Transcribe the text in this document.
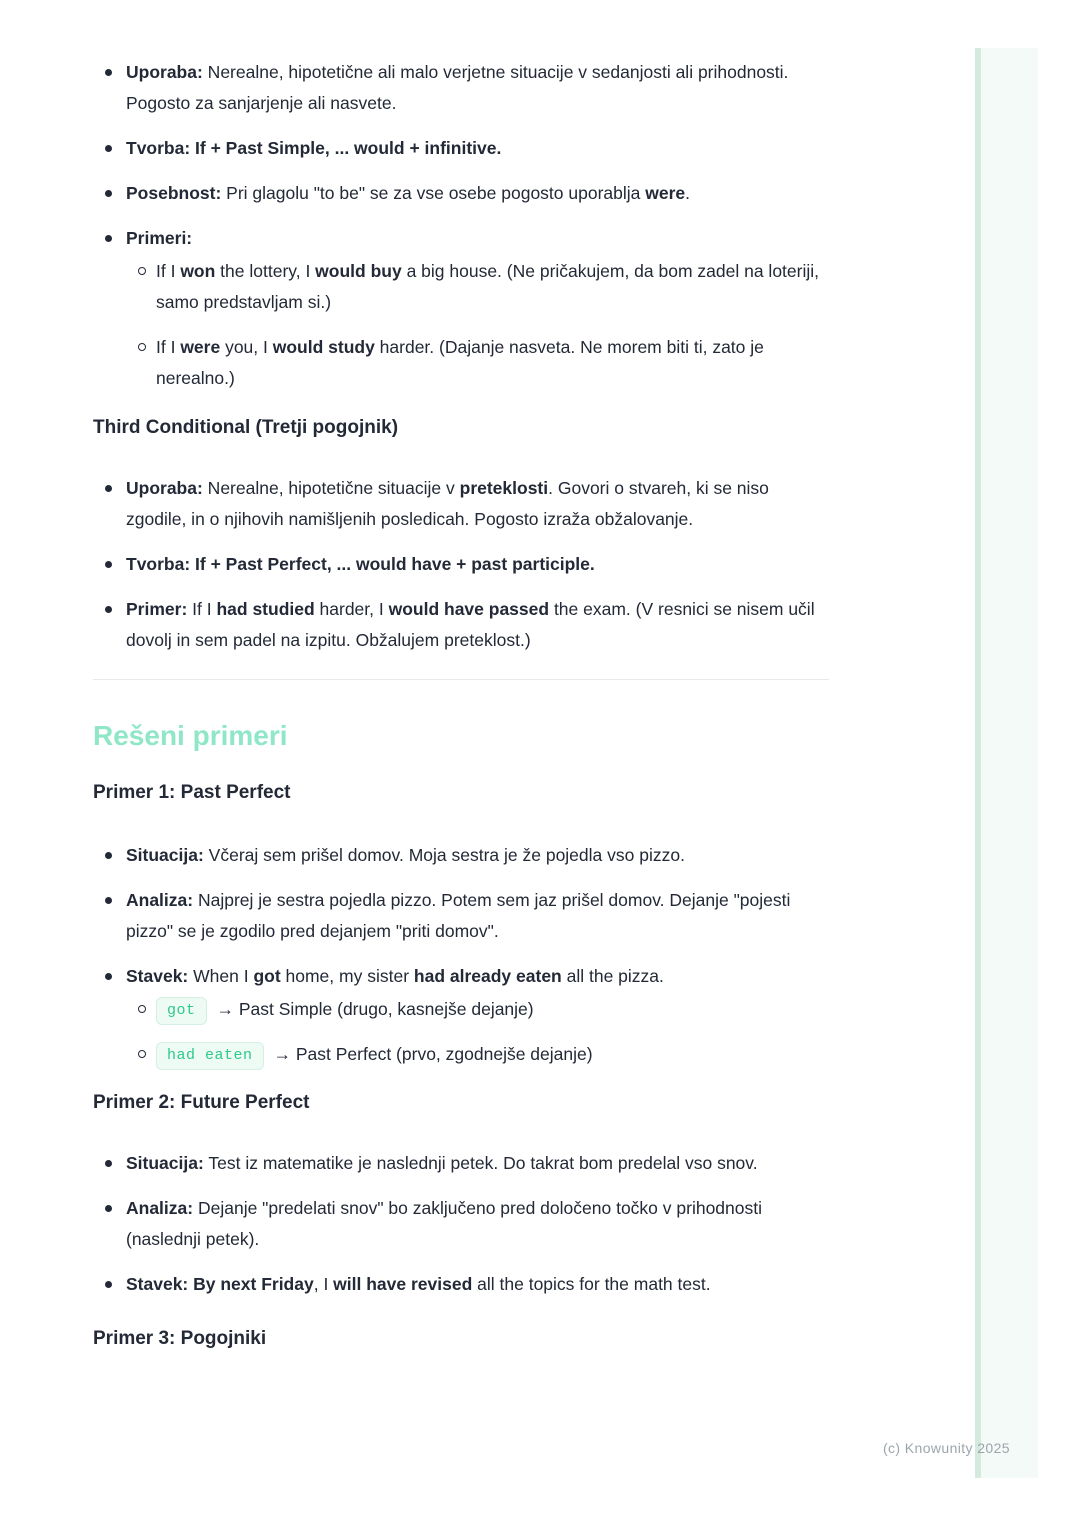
Uporaba: Nerealne, hipotetične ali malo verjetne situacije v sedanjosti ali prihodnosti. Pogosto za sanjarjenje ali nasvete.
Tvorba: If + Past Simple, ... would + infinitive.
Posebnost: Pri glagolu "to be" se za vse osebe pogosto uporablja were.
Primeri:
If I won the lottery, I would buy a big house. (Ne pričakujem, da bom zadel na loteriji, samo predstavljam si.)
If I were you, I would study harder. (Dajanje nasveta. Ne morem biti ti, zato je nerealno.)
Third Conditional (Tretji pogojnik)
Uporaba: Nerealne, hipotetične situacije v preteklosti. Govori o stvareh, ki se niso zgodile, in o njihovih namišljenih posledicah. Pogosto izraža obžalovanje.
Tvorba: If + Past Perfect, ... would have + past participle.
Primer: If I had studied harder, I would have passed the exam. (V resnici se nisem učil dovolj in sem padel na izpitu. Obžalujem preteklost.)
Rešeni primeri
Primer 1: Past Perfect
Situacija: Včeraj sem prišel domov. Moja sestra je že pojedla vso pizzo.
Analiza: Najprej je sestra pojedla pizzo. Potem sem jaz prišel domov. Dejanje "pojesti pizzo" se je zgodilo pred dejanjem "priti domov".
Stavek: When I got home, my sister had already eaten all the pizza.
got → Past Simple (drugo, kasnejše dejanje)
had eaten → Past Perfect (prvo, zgodnejše dejanje)
Primer 2: Future Perfect
Situacija: Test iz matematike je naslednji petek. Do takrat bom predelal vso snov.
Analiza: Dejanje "predelati snov" bo zaključeno pred določeno točko v prihodnosti (naslednji petek).
Stavek: By next Friday, I will have revised all the topics for the math test.
Primer 3: Pogojniki
(c) Knowunity 2025
